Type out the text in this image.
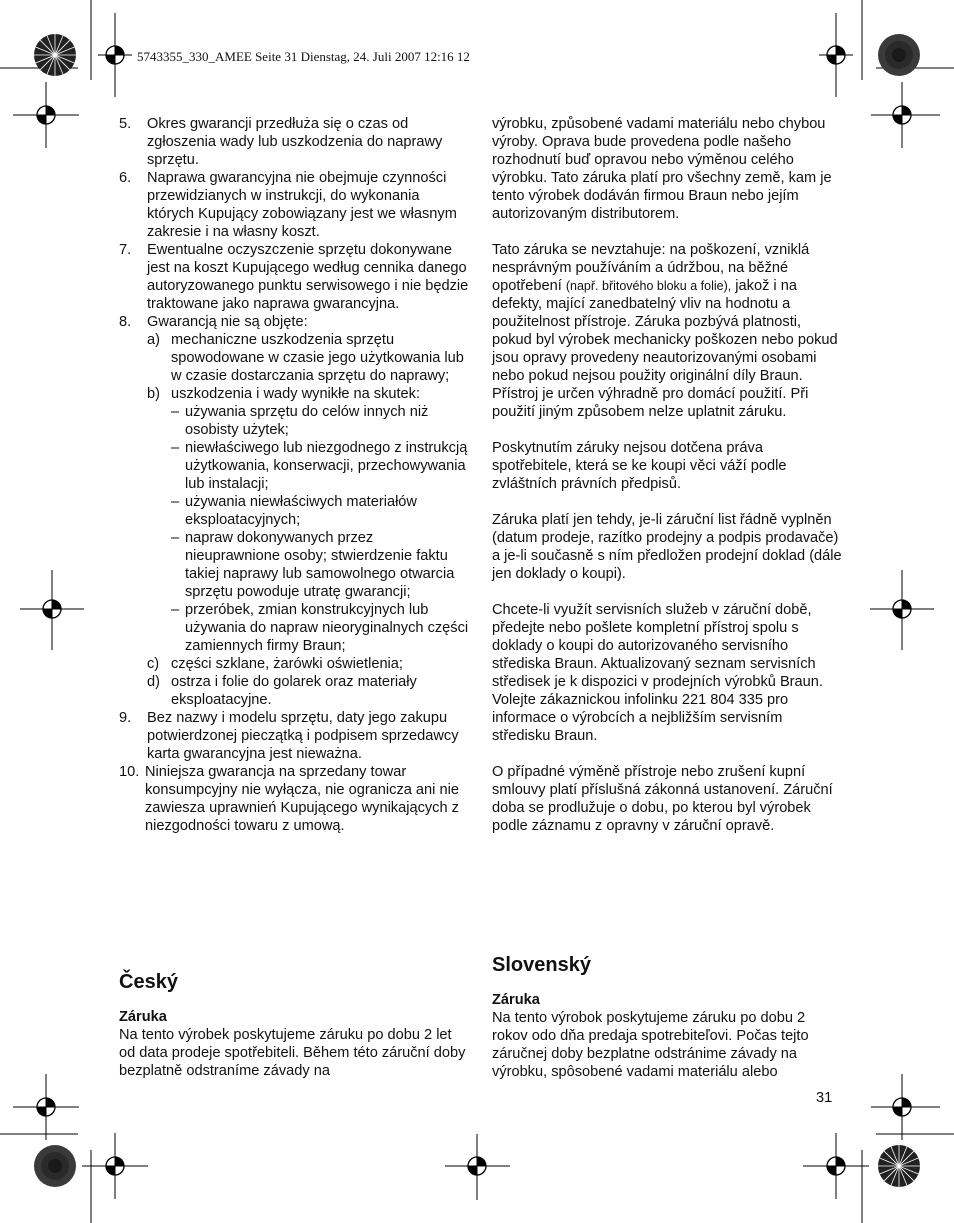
5743355_330_AMEE Seite 31 Dienstag, 24. Juli 2007 12:16 12
5. Okres gwarancji przedłuża się o czas od zgłoszenia wady lub uszkodzenia do naprawy sprzętu.
6. Naprawa gwarancyjna nie obejmuje czynności przewidzianych w instrukcji, do wykonania których Kupujący zobowiązany jest we własnym zakresie i na własny koszt.
7. Ewentualne oczyszczenie sprzętu dokonywane jest na koszt Kupującego według cennika danego autoryzowanego punktu serwisowego i nie będzie traktowane jako naprawa gwarancyjna.
8. Gwarancją nie są objęte:
a) mechaniczne uszkodzenia sprzętu spowodowane w czasie jego użytkowania lub w czasie dostarczania sprzętu do naprawy;
b) uszkodzenia i wady wynikłe na skutek:
– używania sprzętu do celów innych niż osobisty użytek;
– niewłaściwego lub niezgodnego z instrukcją użytkowania, konserwacji, przechowywania lub instalacji;
– używania niewłaściwych materiałów eksploatacyjnych;
– napraw dokonywanych przez nieuprawnione osoby; stwierdzenie faktu takiej naprawy lub samowolnego otwarcia sprzętu powoduje utratę gwarancji;
– przeróbek, zmian konstrukcyjnych lub używania do napraw nieoryginalnych części zamiennych firmy Braun;
c) części szklane, żarówki oświetlenia;
d) ostrza i folie do golarek oraz materiały eksploatacyjne.
9. Bez nazwy i modelu sprzętu, daty jego zakupu potwierdzonej pieczątką i podpisem sprzedawcy karta gwarancyjna jest nieważna.
10. Niniejsza gwarancja na sprzedany towar konsumpcyjny nie wyłącza, nie ogranicza ani nie zawiesza uprawnień Kupującego wynikających z niezgodności towaru z umową.
Český

Záruka

Na tento výrobek poskytujeme záruku po dobu 2 let od data prodeje spotřebiteli. Během této záruční doby bezplatně odstraníme závady na

výrobku, způsobené vadami materiálu nebo chybou výroby. Oprava bude provedena podle našeho rozhodnutí buď opravou nebo výměnou celého výrobku. Tato záruka platí pro všechny země, kam je tento výrobek dodáván firmou Braun nebo jejím autorizovaným distributorem.

Tato záruka se nevztahuje: na poškození, vzniklá nesprávným používáním a údržbou, na běžné opotřebení (např. břitového bloku a folie), jakož i na defekty, mající zanedbatelný vliv na hodnotu a použitelnost přístroje. Záruka pozbývá platnosti, pokud byl výrobek mechanicky poškozen nebo pokud jsou opravy provedeny neautorizovanými osobami nebo pokud nejsou použity originální díly Braun. Přístroj je určen výhradně pro domácí použití. Při použití jiným způsobem nelze uplatnit záruku.

Poskytnutím záruky nejsou dotčena práva spotřebitele, která se ke koupi věci váží podle zvláštních právních předpisů.

Záruka platí jen tehdy, je-li záruční list řádně vyplněn (datum prodeje, razítko prodejny a podpis prodavače) a je-li současně s ním předložen prodejní doklad (dále jen doklady o koupi).

Chcete-li využít servisních služeb v záruční době, předejte nebo pošlete kompletní přístroj spolu s doklady o koupi do autorizovaného servisního střediska Braun. Aktualizovaný seznam servisních středisek je k dispozici v prodejních výrobků Braun.

Volejte zákaznickou infolinku 221 804 335 pro informace o výrobcích a nejbližším servisním středisku Braun.

O případné výměně přístroje nebo zrušení kupní smlouvy platí příslušná zákonná ustanovení. Záruční doba se prodlužuje o dobu, po kterou byl výrobek podle záznamu z opravny v záruční opravě.

Slovenský

Záruka

Na tento výrobok poskytujeme záruku po dobu 2 rokov odo dňa predaja spotrebiteľovi. Počas tejto záručnej doby bezplatne odstránime závady na výrobku, spôsobené vadami materiálu alebo

31
